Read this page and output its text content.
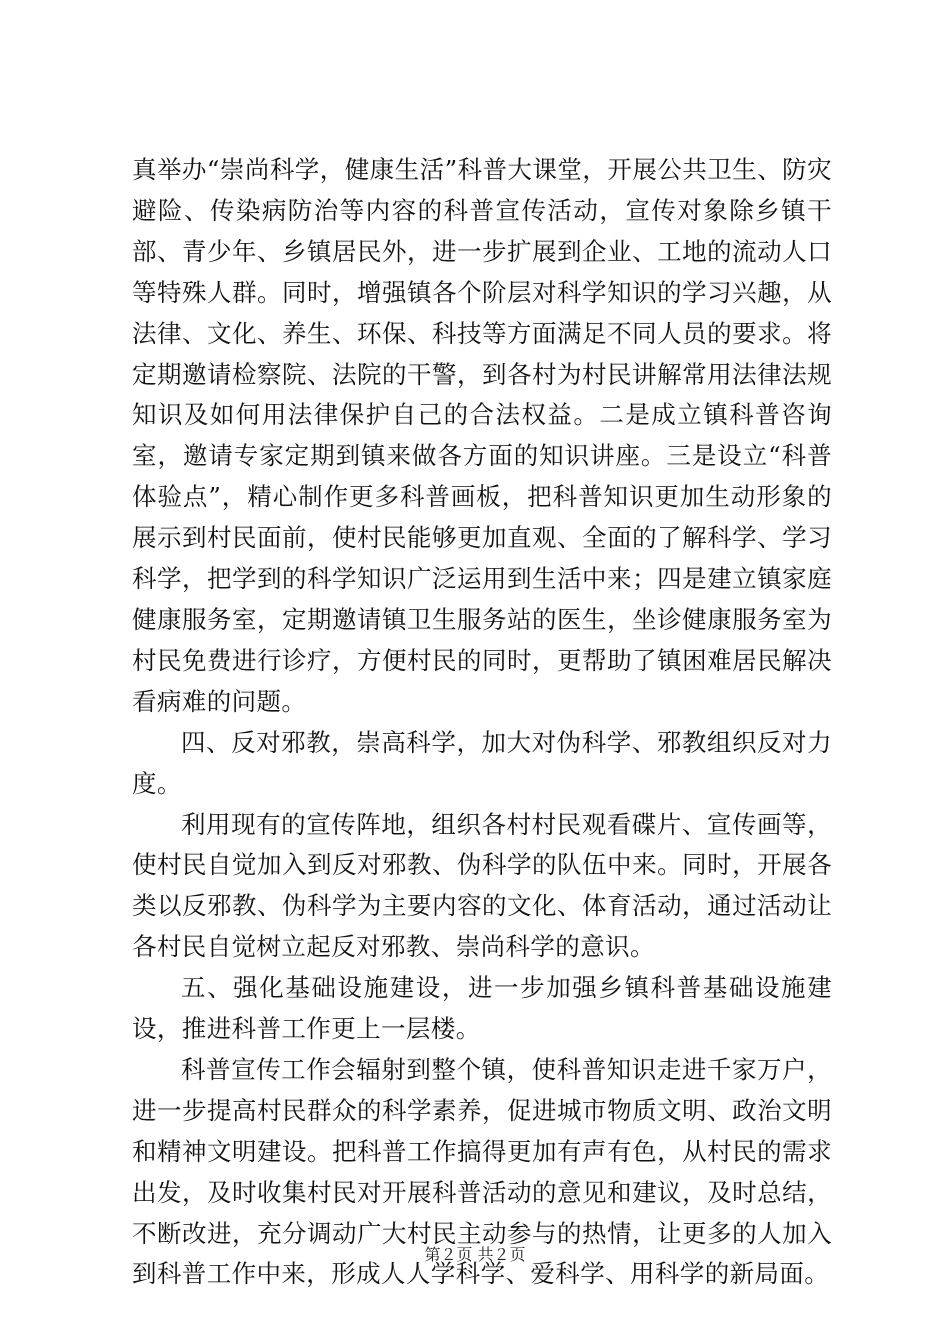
真举办“崇尚科学，健康生活”科普大课堂，开展公共卫生、防灾避险、传染病防治等内容的科普宣传活动，宣传对象除乡镇干部、青少年、乡镇居民外，进一步扩展到企业、工地的流动人口等特殊人群。同时，增强镇各个阶层对科学知识的学习兴趣，从法律、文化、养生、环保、科技等方面满足不同人员的要求。将定期邀请检察院、法院的干警，到各村为村民讲解常用法律法规知识及如何用法律保护自己的合法权益。二是成立镇科普咨询室，邀请专家定期到镇来做各方面的知识讲座。三是设立“科普体验点”，精心制作更多科普画板，把科普知识更加生动形象的展示到村民面前，使村民能够更加直观、全面的了解科学、学习科学，把学到的科学知识广泛运用到生活中来；四是建立镇家庭健康服务室，定期邀请镇卫生服务站的医生，坐诊健康服务室为村民免费进行诊疗，方便村民的同时，更帮助了镇困难居民解决看病难的问题。

四、反对邪教，崇高科学，加大对伪科学、邪教组织反对力度。

利用现有的宣传阵地，组织各村村民观看碟片、宣传画等，使村民自觉加入到反对邪教、伪科学的队伍中来。同时，开展各类以反邪教、伪科学为主要内容的文化、体育活动，通过活动让各村民自觉树立起反对邪教、崇尚科学的意识。

五、强化基础设施建设，进一步加强乡镇科普基础设施建设，推进科普工作更上一层楼。

科普宣传工作会辐射到整个镇，使科普知识走进千家万户，进一步提高村民群众的科学素养，促进城市物质文明、政治文明和精神文明建设。把科普工作搞得更加有声有色，从村民的需求出发，及时收集村民对开展科普活动的意见和建议，及时总结，不断改进，充分调动广大村民主动参与的热情，让更多的人加入到科普工作中来，形成人人学科学、爱科学、用科学的新局面。

第２页 共２页
